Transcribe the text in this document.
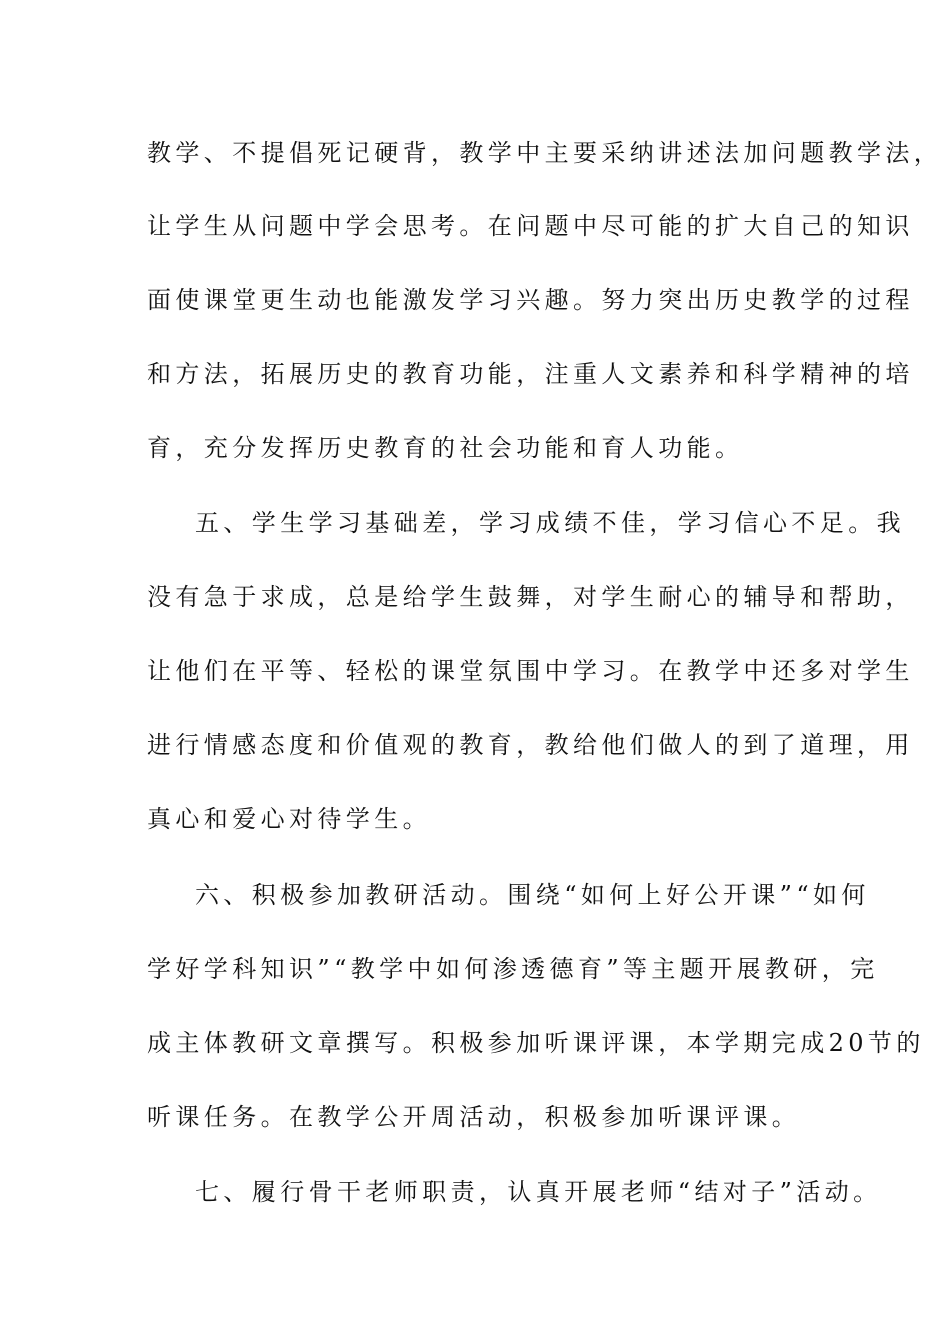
教学、不提倡死记硬背，教学中主要采纳讲述法加问题教学法，
让学生从问题中学会思考。在问题中尽可能的扩大自己的知识
面使课堂更生动也能激发学习兴趣。努力突出历史教学的过程
和方法，拓展历史的教育功能，注重人文素养和科学精神的培
育，充分发挥历史教育的社会功能和育人功能。
五、学生学习基础差，学习成绩不佳，学习信心不足。我
没有急于求成，总是给学生鼓舞，对学生耐心的辅导和帮助，
让他们在平等、轻松的课堂氛围中学习。在教学中还多对学生
进行情感态度和价值观的教育，教给他们做人的到了道理，用
真心和爱心对待学生。
六、积极参加教研活动。围绕“如何上好公开课”“如何
学好学科知识”“教学中如何渗透德育”等主题开展教研，完
成主体教研文章撰写。积极参加听课评课，本学期完成20节的
听课任务。在教学公开周活动，积极参加听课评课。
七、履行骨干老师职责，认真开展老师“结对子”活动。
